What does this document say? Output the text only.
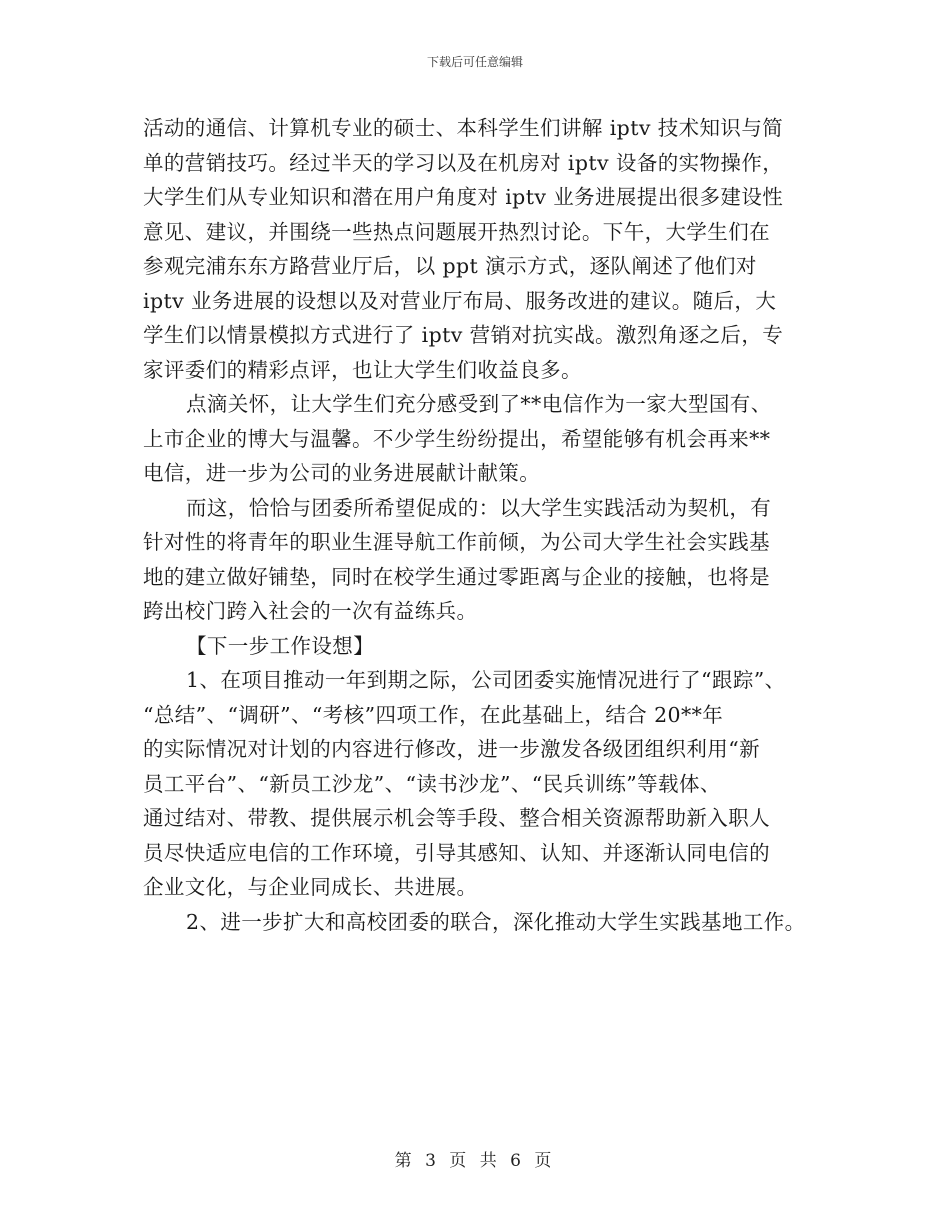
下载后可任意编辑
活动的通信、计算机专业的硕士、本科学生们讲解 iptv 技术知识与简
单的营销技巧。经过半天的学习以及在机房对 iptv 设备的实物操作，
大学生们从专业知识和潜在用户角度对 iptv 业务进展提出很多建设性
意见、建议，并围绕一些热点问题展开热烈讨论。下午，大学生们在
参观完浦东东方路营业厅后，以 ppt 演示方式，逐队阐述了他们对
iptv 业务进展的设想以及对营业厅布局、服务改进的建议。随后，大
学生们以情景模拟方式进行了 iptv 营销对抗实战。激烈角逐之后，专
家评委们的精彩点评，也让大学生们收益良多。
点滴关怀，让大学生们充分感受到了**电信作为一家大型国有、
上市企业的博大与温馨。不少学生纷纷提出，希望能够有机会再来**
电信，进一步为公司的业务进展献计献策。
而这，恰恰与团委所希望促成的：以大学生实践活动为契机，有
针对性的将青年的职业生涯导航工作前倾，为公司大学生社会实践基
地的建立做好铺垫，同时在校学生通过零距离与企业的接触，也将是
跨出校门跨入社会的一次有益练兵。
【下一步工作设想】
1、在项目推动一年到期之际，公司团委实施情况进行了“跟踪”、
“总结”、“调研”、“考核”四项工作，在此基础上，结合 20**年
的实际情况对计划的内容进行修改，进一步激发各级团组织利用“新
员工平台”、“新员工沙龙”、“读书沙龙”、“民兵训练”等载体、
通过结对、带教、提供展示机会等手段、整合相关资源帮助新入职人
员尽快适应电信的工作环境，引导其感知、认知、并逐渐认同电信的
企业文化，与企业同成长、共进展。
2、进一步扩大和高校团委的联合，深化推动大学生实践基地工作。
第 3 页 共 6 页
